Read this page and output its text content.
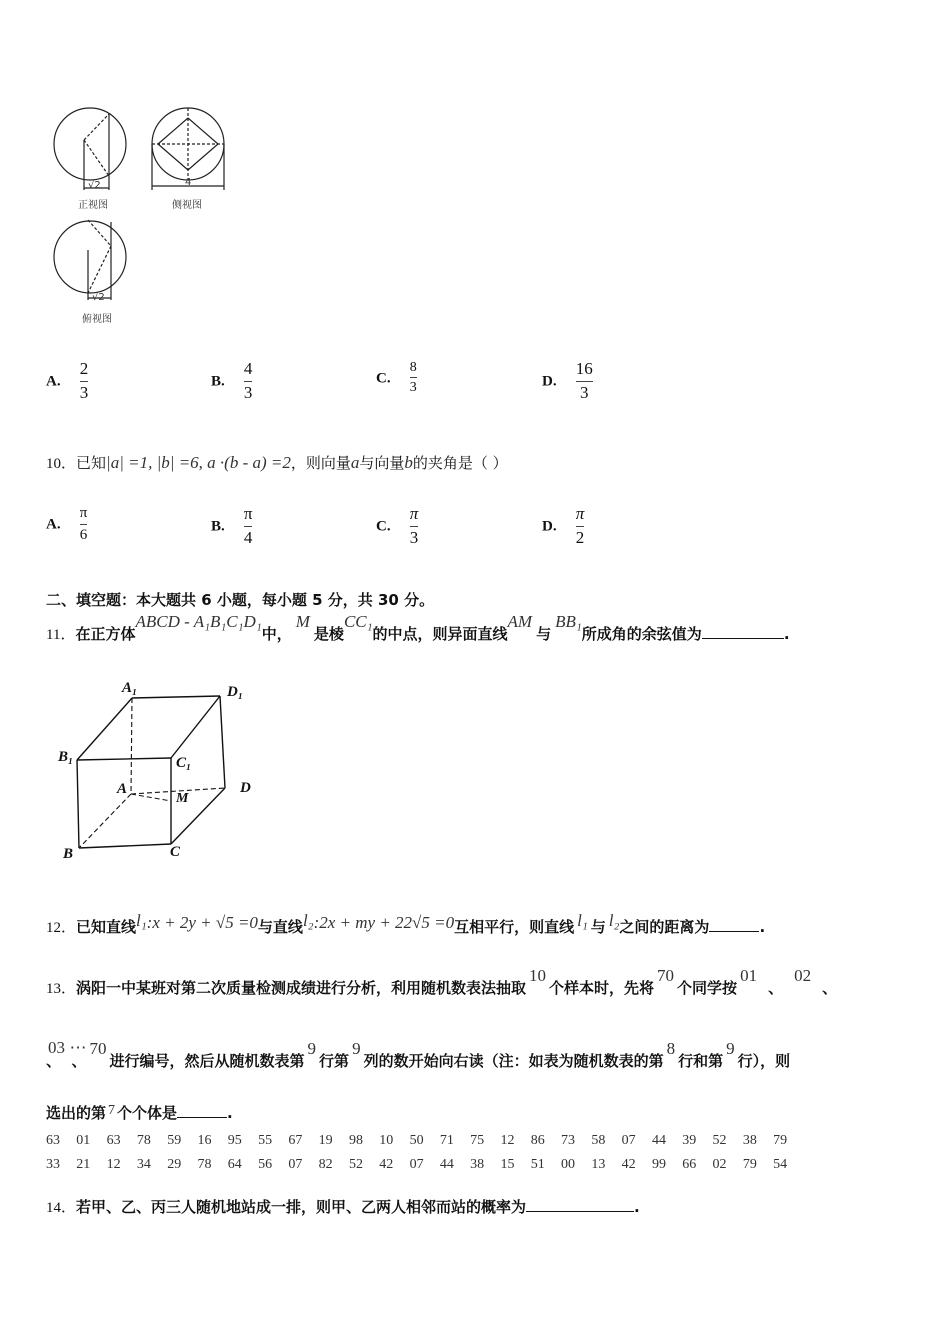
√2	4
正视图	侧视图
√2
俯视图
A. $\frac{2}{3}$	B. $\frac{4}{3}$	C. $\frac{8}{3}$	D. $\frac{16}{3}$
10．已知|a| =1, |b| =6, a ·(b - a) =2，则向量a与向量b的夹角是（ ）
A. $\frac{\pi}{6}$	B. $\frac{\pi}{4}$	C. $\frac{\pi}{3}$	D. $\frac{\pi}{2}$
二、填空题：本大题共 6 小题，每小题 5 分，共 30 分。
11．在正方体ABCD - A₁B₁C₁D₁中，M是棱CC₁的中点，则异面直线AM与BB₁所成角的余弦值为	.
A₁	D₁
B₁	C₁
A
M
D
B	C
12．已知直线l₁:x + 2y + √5 =0与直线l₂:2x + my + 22√5 =0互相平行，则直线 l₁ 与 l₂之间的距离为	.
13．涡阳一中某班对第二次质量检测成绩进行分析，利用随机数表法抽取10个样本时，先将70个同学按01、02、
03
、
⋯
、70进行编号，然后从随机数表第9行第9列的数开始向右读（注：如表为随机数表的第8行和第9行），则
选出的第 7 个个体是	.
63 01 63 78 59 16 95 55 67 19 98 10 50 71 75 12 86 73 58 07 44 39 52 38 79
33 21 12 34 29 78 64 56 07 82 52 42 07 44 38 15 51 00 13 42 99 66 02 79 54
14．若甲、乙、丙三人随机地站成一排，则甲、乙两人相邻而站的概率为	.
